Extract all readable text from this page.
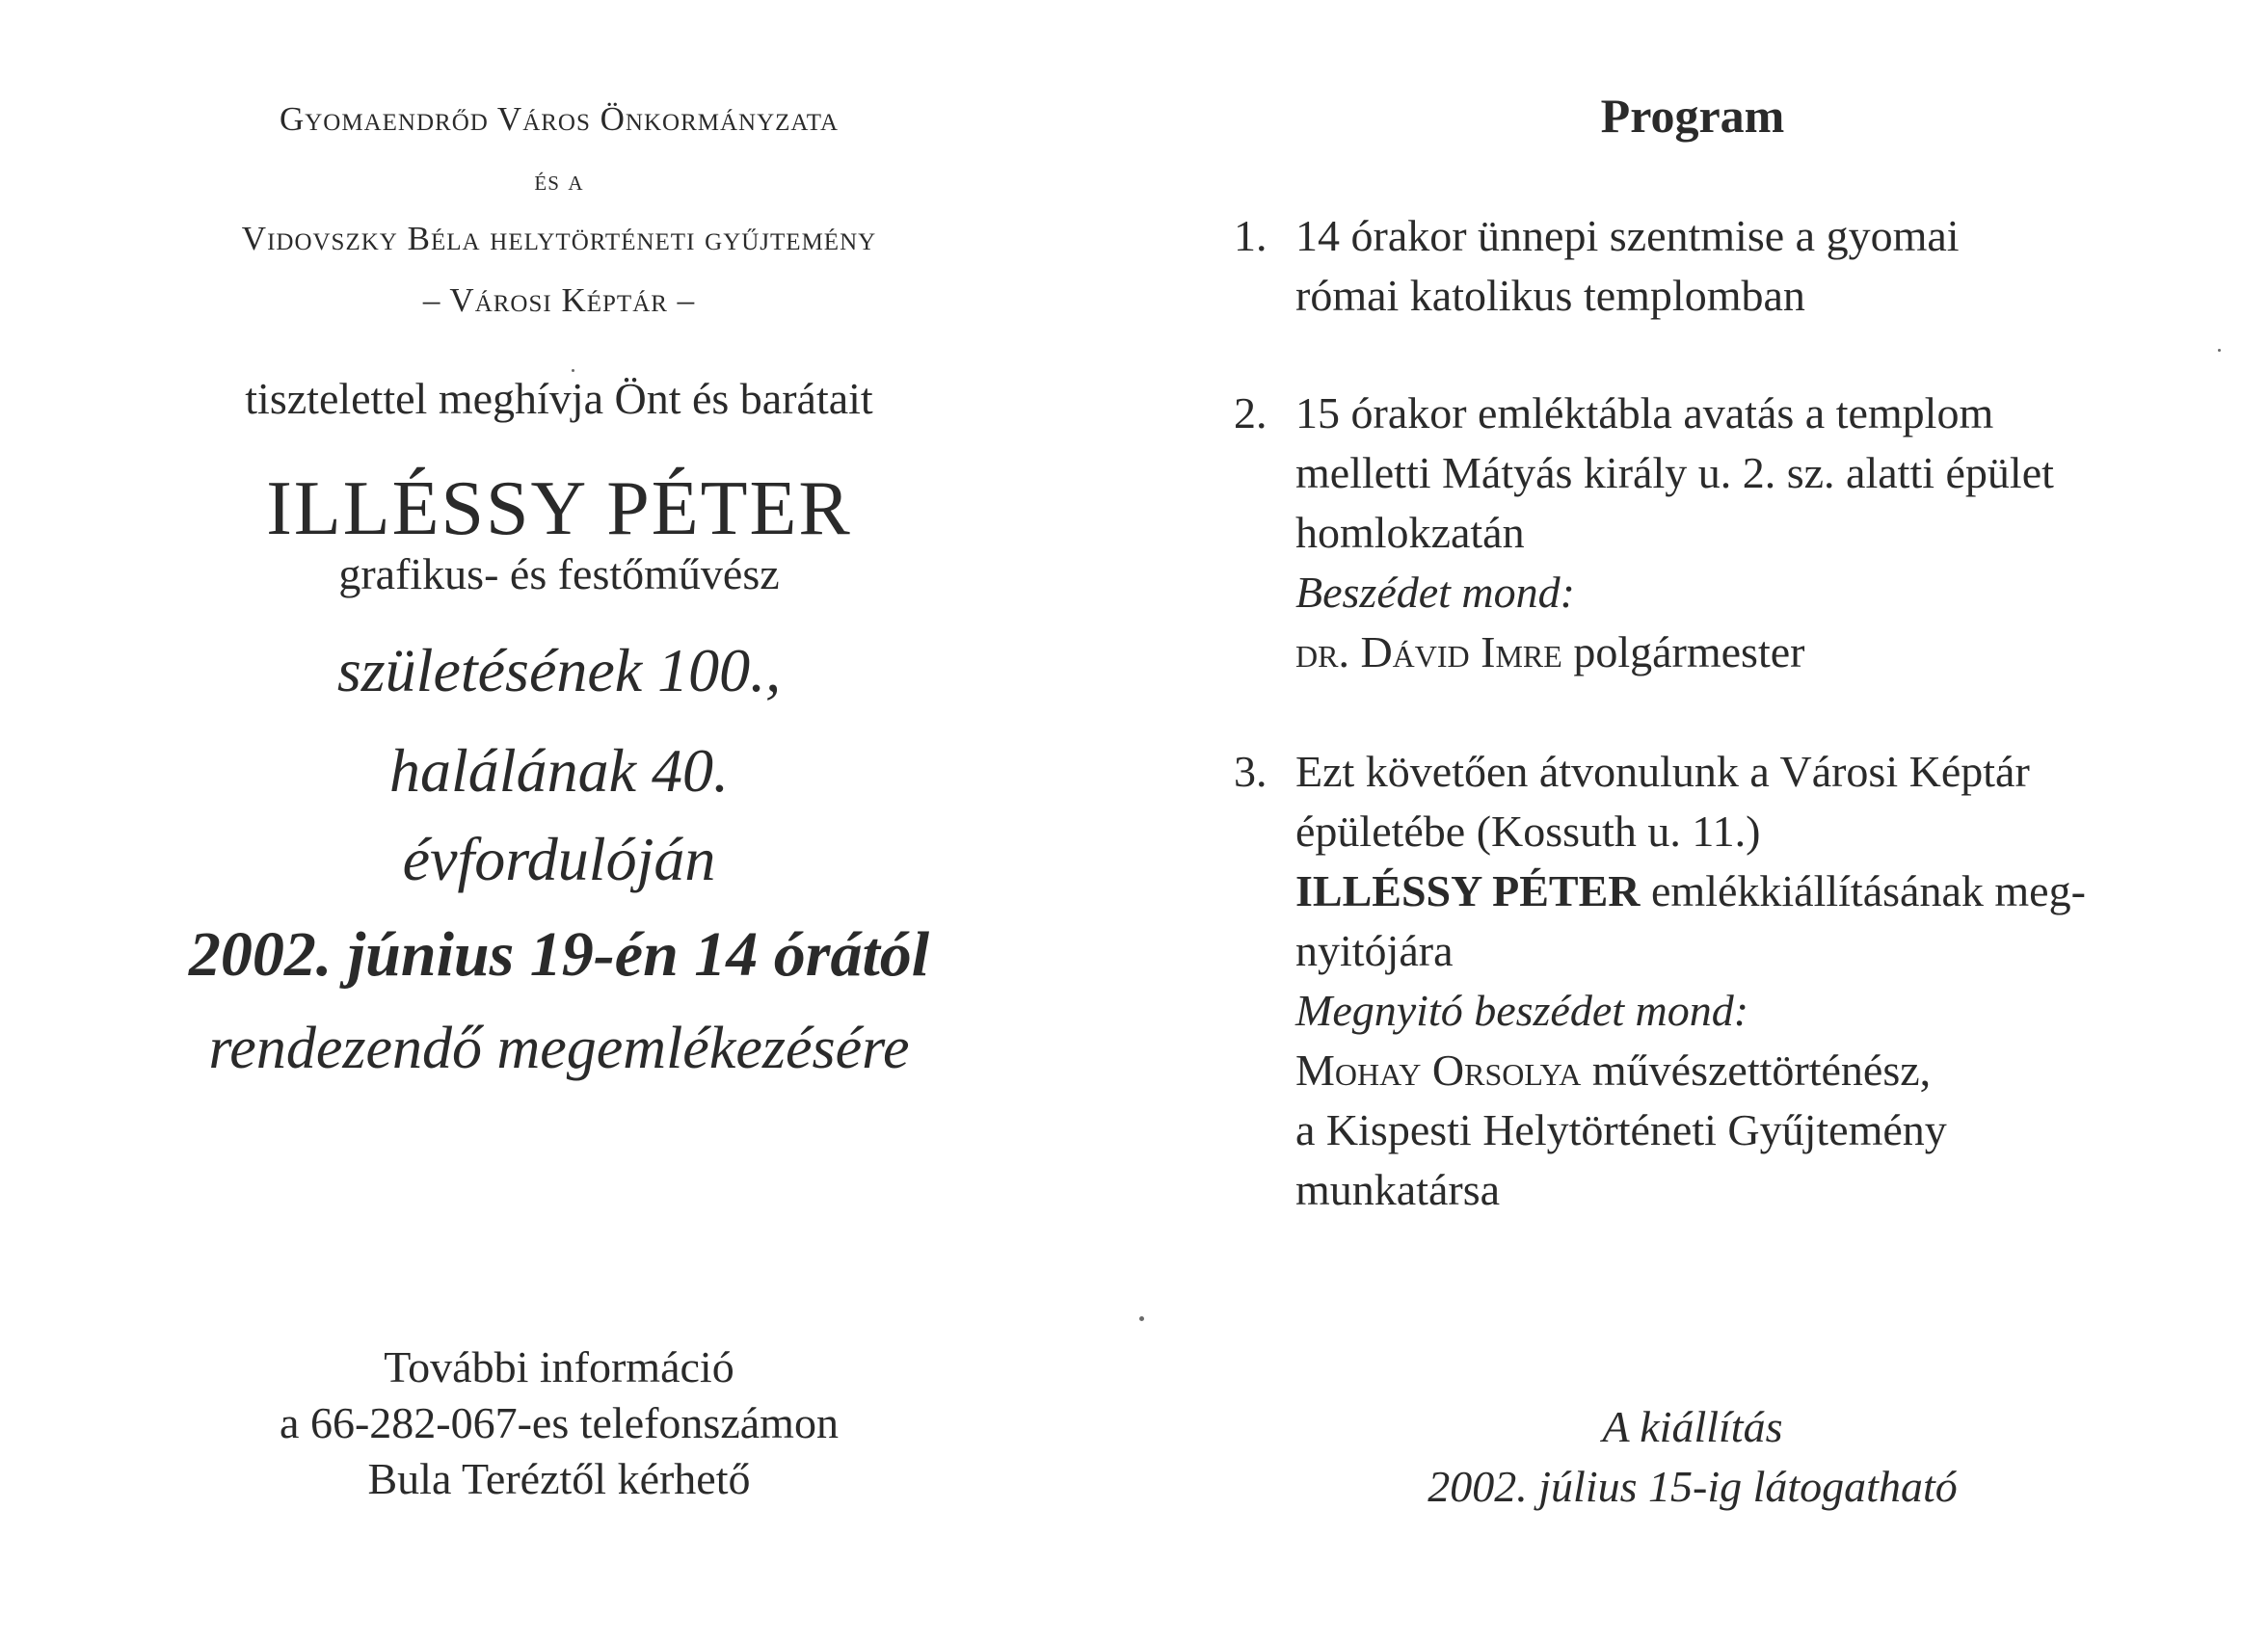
Gyomaendrőd Város Önkormányzata
és a
Vidovszky Béla helytörténeti gyűjtemény
– Városi Képtár –
tisztelettel meghívja Önt és barátait
ILLÉSSY PÉTER
grafikus- és festőművész
születésének 100.,
halálának 40.
évfordulóján
2002. június 19-én 14 órától
rendezendő megemlékezésére
További információ
a 66-282-067-es telefonszámon
Bula Teréztől kérhető
Program
1. 14 órakor ünnepi szentmise a gyomai
római katolikus templomban
2. 15 órakor emléktábla avatás a templom
melletti Mátyás király u. 2. sz. alatti épület
homlokzatán
Beszédet mond:
dr. Dávid Imre polgármester
3. Ezt követően átvonulunk a Városi Képtár
épületébe (Kossuth u. 11.)
ILLÉSSY PÉTER emlékkiállításának meg-
nyitójára
Megnyitó beszédet mond:
Mohay Orsolya művészettörténész,
a Kispesti Helytörténeti Gyűjtemény
munkatársa
A kiállítás
2002. július 15-ig látogatható
